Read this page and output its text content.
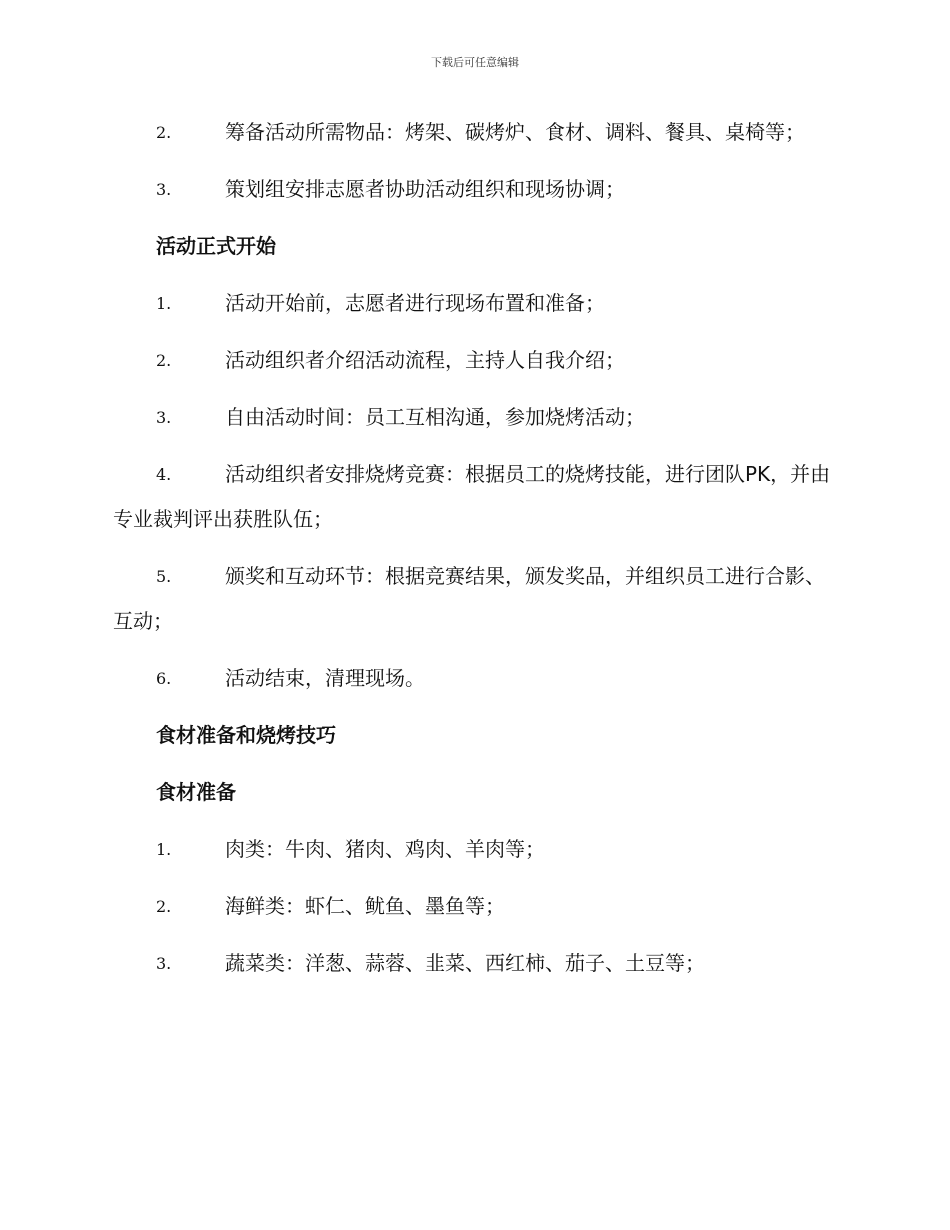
下载后可任意编辑
2.	筹备活动所需物品：烤架、碳烤炉、食材、调料、餐具、桌椅等；
3.	策划组安排志愿者协助活动组织和现场协调；
活动正式开始
1.	活动开始前，志愿者进行现场布置和准备；
2.	活动组织者介绍活动流程，主持人自我介绍；
3.	自由活动时间：员工互相沟通，参加烧烤活动；
4.	活动组织者安排烧烤竞赛：根据员工的烧烤技能，进行团队PK，并由专业裁判评出获胜队伍；
5.	颁奖和互动环节：根据竞赛结果，颁发奖品，并组织员工进行合影、互动；
6.	活动结束，清理现场。
食材准备和烧烤技巧
食材准备
1.	肉类：牛肉、猪肉、鸡肉、羊肉等；
2.	海鲜类：虾仁、鱿鱼、墨鱼等；
3.	蔬菜类：洋葱、蒜蓉、韭菜、西红柿、茄子、土豆等；
